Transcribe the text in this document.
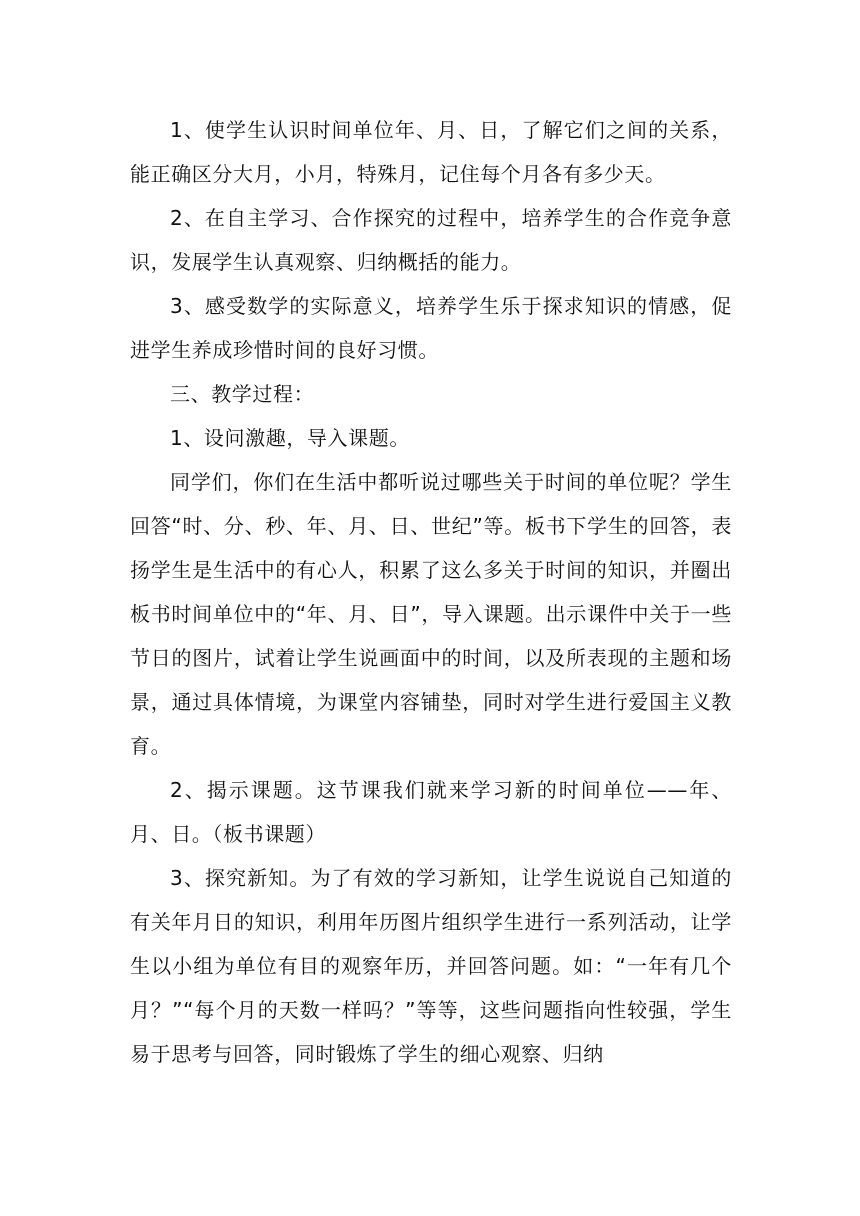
1、使学生认识时间单位年、月、日，了解它们之间的关系，能正确区分大月，小月，特殊月，记住每个月各有多少天。

2、在自主学习、合作探究的过程中，培养学生的合作竞争意识，发展学生认真观察、归纳概括的能力。

3、感受数学的实际意义，培养学生乐于探求知识的情感，促进学生养成珍惜时间的良好习惯。

三、教学过程：

1、设问激趣，导入课题。

同学们，你们在生活中都听说过哪些关于时间的单位呢？学生回答“时、分、秒、年、月、日、世纪”等。板书下学生的回答，表扬学生是生活中的有心人，积累了这么多关于时间的知识，并圈出板书时间单位中的“年、月、日”，导入课题。出示课件中关于一些节日的图片，试着让学生说画面中的时间，以及所表现的主题和场景，通过具体情境，为课堂内容铺垫，同时对学生进行爱国主义教育。

2、揭示课题。这节课我们就来学习新的时间单位——年、月、日。（板书课题）

3、探究新知。为了有效的学习新知，让学生说说自己知道的有关年月日的知识，利用年历图片组织学生进行一系列活动，让学生以小组为单位有目的观察年历，并回答问题。如：“一年有几个月？”“每个月的天数一样吗？”等等，这些问题指向性较强，学生易于思考与回答，同时锻炼了学生的细心观察、归纳
